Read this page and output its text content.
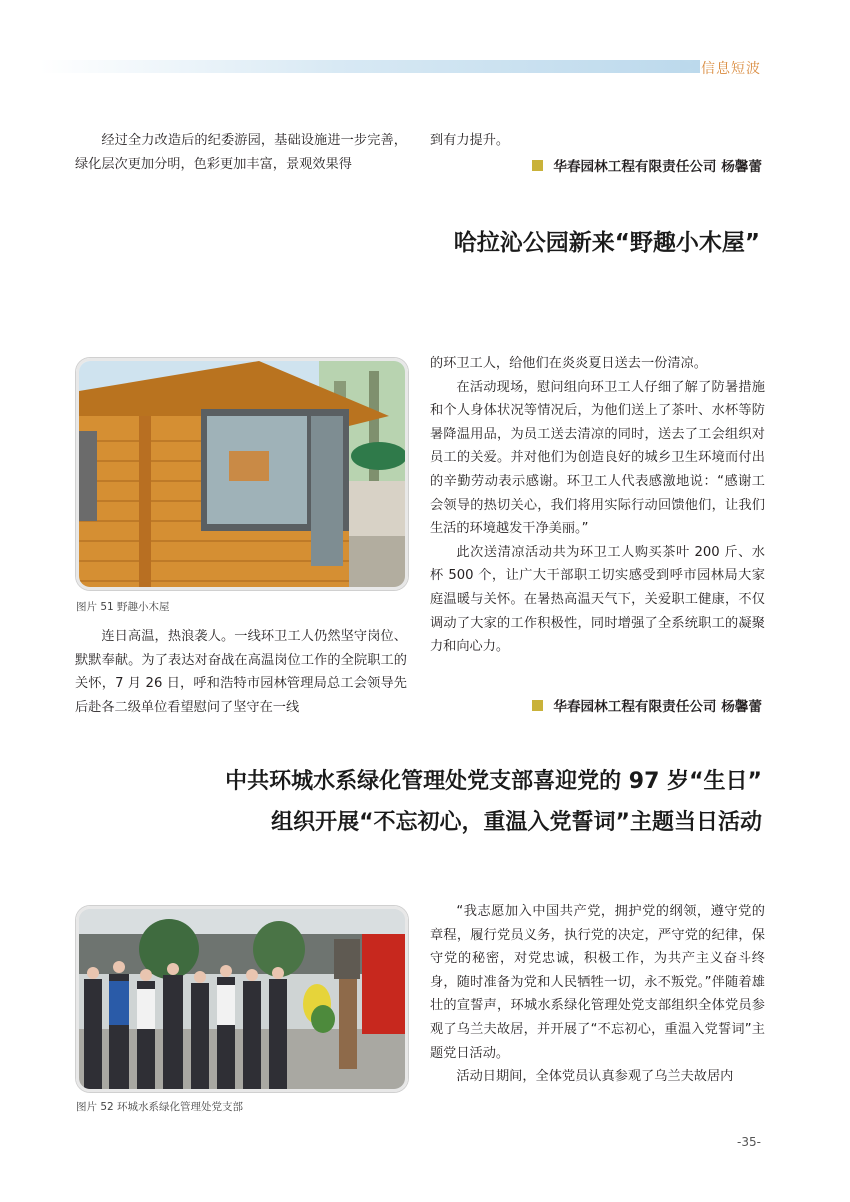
信息短波

经过全力改造后的纪委游园，基础设施进一步完善，绿化层次更加分明，色彩更加丰富，景观效果得

到有力提升。

华春园林工程有限责任公司 杨馨蕾
哈拉沁公园新来“野趣小木屋”
图片 51 野趣小木屋

连日高温，热浪袭人。一线环卫工人仍然坚守岗位、默默奉献。为了表达对奋战在高温岗位工作的全院职工的关怀，7 月 26 日，呼和浩特市园林管理局总工会领导先后赴各二级单位看望慰问了坚守在一线

的环卫工人，给他们在炎炎夏日送去一份清凉。

在活动现场，慰问组向环卫工人仔细了解了防暑措施和个人身体状况等情况后，为他们送上了茶叶、水杯等防暑降温用品，为员工送去清凉的同时，送去了工会组织对员工的关爱。并对他们为创造良好的城乡卫生环境而付出的辛勤劳动表示感谢。环卫工人代表感激地说：“感谢工会领导的热切关心，我们将用实际行动回馈他们，让我们生活的环境越发干净美丽。”

此次送清凉活动共为环卫工人购买茶叶 200 斤、水杯 500 个，让广大干部职工切实感受到呼市园林局大家庭温暖与关怀。在暑热高温天气下，关爱职工健康，不仅调动了大家的工作积极性，同时增强了全系统职工的凝聚力和向心力。

华春园林工程有限责任公司 杨馨蕾
中共环城水系绿化管理处党支部喜迎党的 97 岁“生日”
组织开展“不忘初心，重温入党誓词”主题当日活动
图片 52 环城水系绿化管理处党支部

“我志愿加入中国共产党，拥护党的纲领，遵守党的章程，履行党员义务，执行党的决定，严守党的纪律，保守党的秘密，对党忠诚，积极工作，为共产主义奋斗终身，随时准备为党和人民牺牲一切，永不叛党。”伴随着雄壮的宣誓声，环城水系绿化管理处党支部组织全体党员参观了乌兰夫故居，并开展了“不忘初心，重温入党誓词”主题党日活动。

活动日期间，全体党员认真参观了乌兰夫故居内

-35-
